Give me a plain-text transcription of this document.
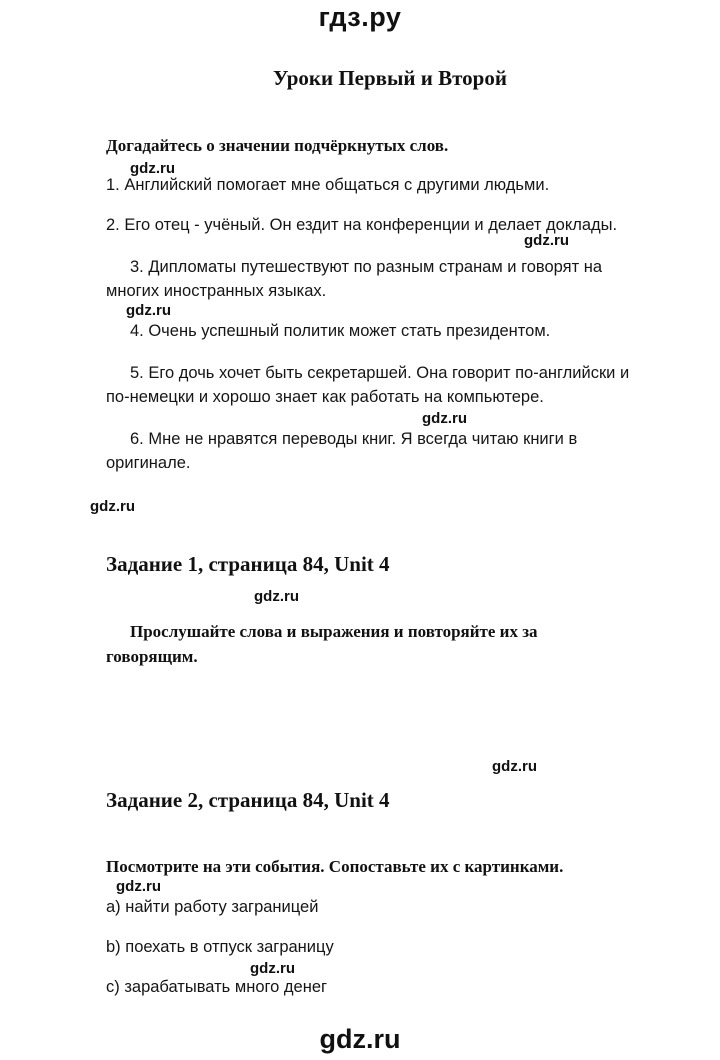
гдз.ру
Уроки Первый и Второй
Догадайтесь о значении подчёркнутых слов.
gdz.ru
1. Английский помогает мне общаться с другими людьми.
2. Его отец - учёный. Он ездит на конференции и делает доклады.
gdz.ru
3. Дипломаты путешествуют по разным странам и говорят на
многих иностранных языках.
gdz.ru
4. Очень успешный политик может стать президентом.
5. Его дочь хочет быть секретаршей. Она говорит по-английски и
по-немецки и хорошо знает как работать на компьютере.
gdz.ru
6. Мне не нравятся переводы книг. Я всегда читаю книги в
оригинале.
gdz.ru
Задание 1, страница 84, Unit 4
gdz.ru
Прослушайте слова и выражения и повторяйте их за
говорящим.
gdz.ru
Задание 2, страница 84, Unit 4
Посмотрите на эти события. Сопоставьте их с картинками.
gdz.ru
a) найти работу заграницей
b) поехать в отпуск заграницу
gdz.ru
c) зарабатывать много денег
gdz.ru
